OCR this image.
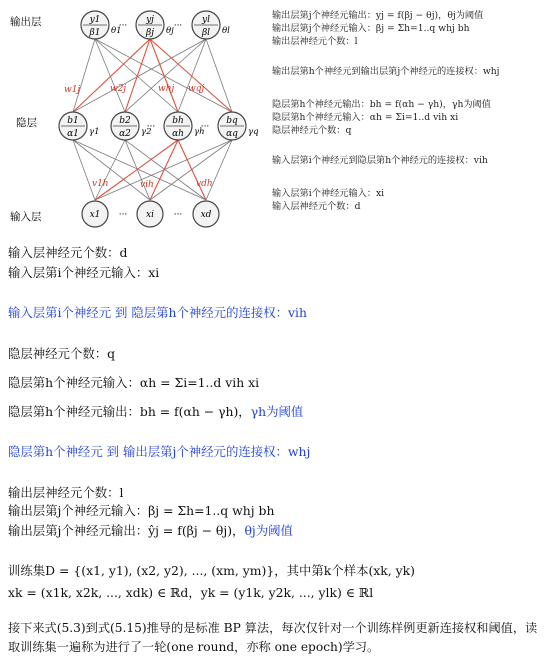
y1
β1 θ1
yj
βj θj
yl
βl θl
b1
α1 γ1
b2
α2 γ2
bh
αh γh
bq
αq γq
x1	xi	xd
···	···
···	···
···	···
输出层
隐层
输入层
w1j	w2j	whj wqj
v1h	vih	vdh
输出层第j个神经元输出：yj = f(βj − θj)，θj为阈值
输出层第j个神经元输入：βj = Σh=1..q whj bh
输出层神经元个数：l
输出层第h个神经元到输出层第j个神经元的连接权：whj
隐层第h个神经元输出：bh = f(αh − γh)，γh为阈值
隐层第h个神经元输入：αh = Σi=1..d vih xi
隐层神经元个数：q
输入层第i个神经元到隐层第h个神经元的连接权：vih
输入层第i个神经元输入：xi
输入层神经元个数：d
输入层神经元个数：d
输入层第i个神经元输入：xi
输入层第i个神经元 到 隐层第h个神经元的连接权：vih
隐层神经元个数：q
隐层第h个神经元输入：αh = Σi=1..d vih xi
隐层第h个神经元输出：bh = f(αh − γh)，γh为阈值
隐层第h个神经元 到 输出层第j个神经元的连接权：whj
输出层神经元个数：l
输出层第j个神经元输入：βj = Σh=1..q whj bh
输出层第j个神经元输出：ŷj = f(βj − θj)，θj为阈值
训练集D = {(x1, y1), (x2, y2), ..., (xm, ym)}，其中第k个样本(xk, yk)
xk = (x1k, x2k, ..., xdk) ∈ ℝd，yk = (y1k, y2k, ..., ylk) ∈ ℝl
接下来式(5.3)到式(5.15)推导的是标准 BP 算法，每次仅针对一个训练样例更新连接权和阈值，读取训练集一遍称为进行了一轮(one round，亦称 one epoch)学习。
